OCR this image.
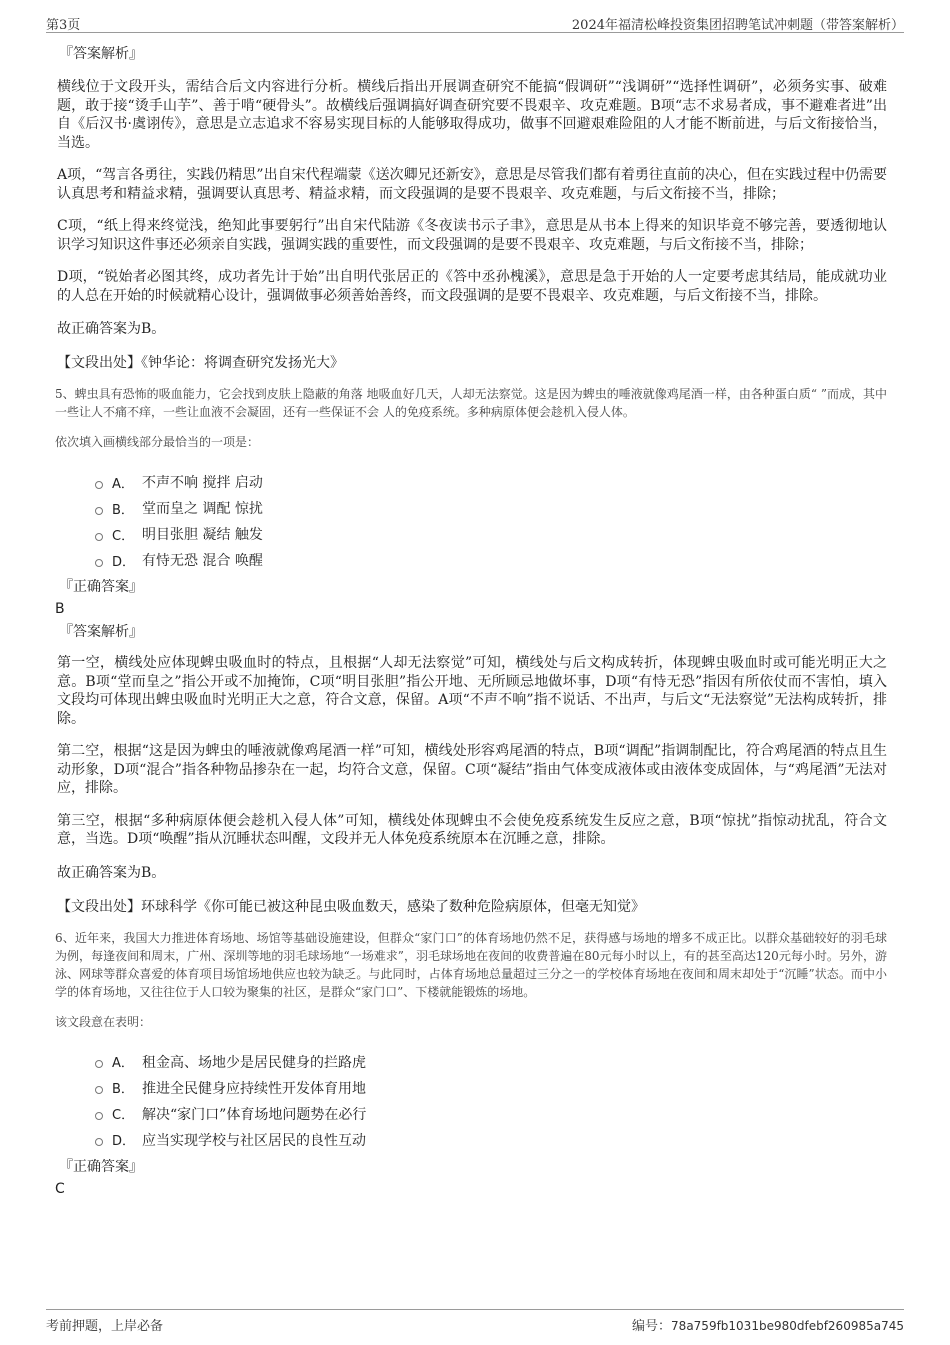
第3页	2024年福清松峰投资集团招聘笔试冲刺题（带答案解析）
『答案解析』

横线位于文段开头，需结合后文内容进行分析。横线后指出开展调查研究不能搞“假调研”“浅调研”“选择性调研”，必须务实事、破难题，敢于接“烫手山芋”、善于啃“硬骨头”。故横线后强调搞好调查研究要不畏艰辛、攻克难题。B项“志不求易者成，事不避难者进”出自《后汉书·虞诩传》，意思是立志追求不容易实现目标的人能够取得成功，做事不回避艰难险阻的人才能不断前进，与后文衔接恰当，当选。

A项，“驾言各勇往，实践仍精思”出自宋代程端蒙《送次卿兄还新安》，意思是尽管我们都有着勇往直前的决心，但在实践过程中仍需要认真思考和精益求精，强调要认真思考、精益求精，而文段强调的是要不畏艰辛、攻克难题，与后文衔接不当，排除；

C项，“纸上得来终觉浅，绝知此事要躬行”出自宋代陆游《冬夜读书示子聿》，意思是从书本上得来的知识毕竟不够完善，要透彻地认识学习知识这件事还必须亲自实践，强调实践的重要性，而文段强调的是要不畏艰辛、攻克难题，与后文衔接不当，排除；

D项，“锐始者必图其终，成功者先计于始”出自明代张居正的《答中丞孙槐溪》，意思是急于开始的人一定要考虑其结局，能成就功业的人总在开始的时候就精心设计，强调做事必须善始善终，而文段强调的是要不畏艰辛、攻克难题，与后文衔接不当，排除。

故正确答案为B。
【文段出处】《钟华论：将调查研究发扬光大》

5、蜱虫具有恐怖的吸血能力，它会找到皮肤上隐蔽的角落 地吸血好几天，人却无法察觉。这是因为蜱虫的唾液就像鸡尾酒一样，由各种蛋白质“ ”而成，其中一些让人不痛不痒，一些让血液不会凝固，还有一些保证不会 人的免疫系统。多种病原体便会趁机入侵人体。

依次填入画横线部分最恰当的一项是：
A． 不声不响 搅拌 启动
B． 堂而皇之 调配 惊扰
C． 明目张胆 凝结 触发
D． 有恃无恐 混合 唤醒
『正确答案』
B
『答案解析』

第一空，横线处应体现蜱虫吸血时的特点，且根据“人却无法察觉”可知，横线处与后文构成转折，体现蜱虫吸血时或可能光明正大之意。B项“堂而皇之”指公开或不加掩饰，C项“明目张胆”指公开地、无所顾忌地做坏事，D项“有恃无恐”指因有所依仗而不害怕，填入文段均可体现出蜱虫吸血时光明正大之意，符合文意，保留。A项“不声不响”指不说话、不出声，与后文“无法察觉”无法构成转折，排除。

第二空，根据“这是因为蜱虫的唾液就像鸡尾酒一样”可知，横线处形容鸡尾酒的特点，B项“调配”指调制配比，符合鸡尾酒的特点且生动形象，D项“混合”指各种物品掺杂在一起，均符合文意，保留。C项“凝结”指由气体变成液体或由液体变成固体，与“鸡尾酒”无法对应，排除。

第三空，根据“多种病原体便会趁机入侵人体”可知，横线处体现蜱虫不会使免疫系统发生反应之意，B项“惊扰”指惊动扰乱，符合文意，当选。D项“唤醒”指从沉睡状态叫醒，文段并无人体免疫系统原本在沉睡之意，排除。

故正确答案为B。
【文段出处】环球科学《你可能已被这种昆虫吸血数天，感染了数种危险病原体，但毫无知觉》

6、近年来，我国大力推进体育场地、场馆等基础设施建设，但群众“家门口”的体育场地仍然不足，获得感与场地的增多不成正比。以群众基础较好的羽毛球为例，每逢夜间和周末，广州、深圳等地的羽毛球场地“一场难求”，羽毛球场地在夜间的收费普遍在80元每小时以上，有的甚至高达120元每小时。另外，游泳、网球等群众喜爱的体育项目场馆场地供应也较为缺乏。与此同时，占体育场地总量超过三分之一的学校体育场地在夜间和周末却处于“沉睡”状态。而中小学的体育场地，又往往位于人口较为聚集的社区，是群众“家门口”、下楼就能锻炼的场地。

该文段意在表明：
A． 租金高、场地少是居民健身的拦路虎
B． 推进全民健身应持续性开发体育用地
C． 解决“家门口”体育场地问题势在必行
D． 应当实现学校与社区居民的良性互动
『正确答案』
C
考前押题，上岸必备	编号：78a759fb1031be980dfebf260985a745
